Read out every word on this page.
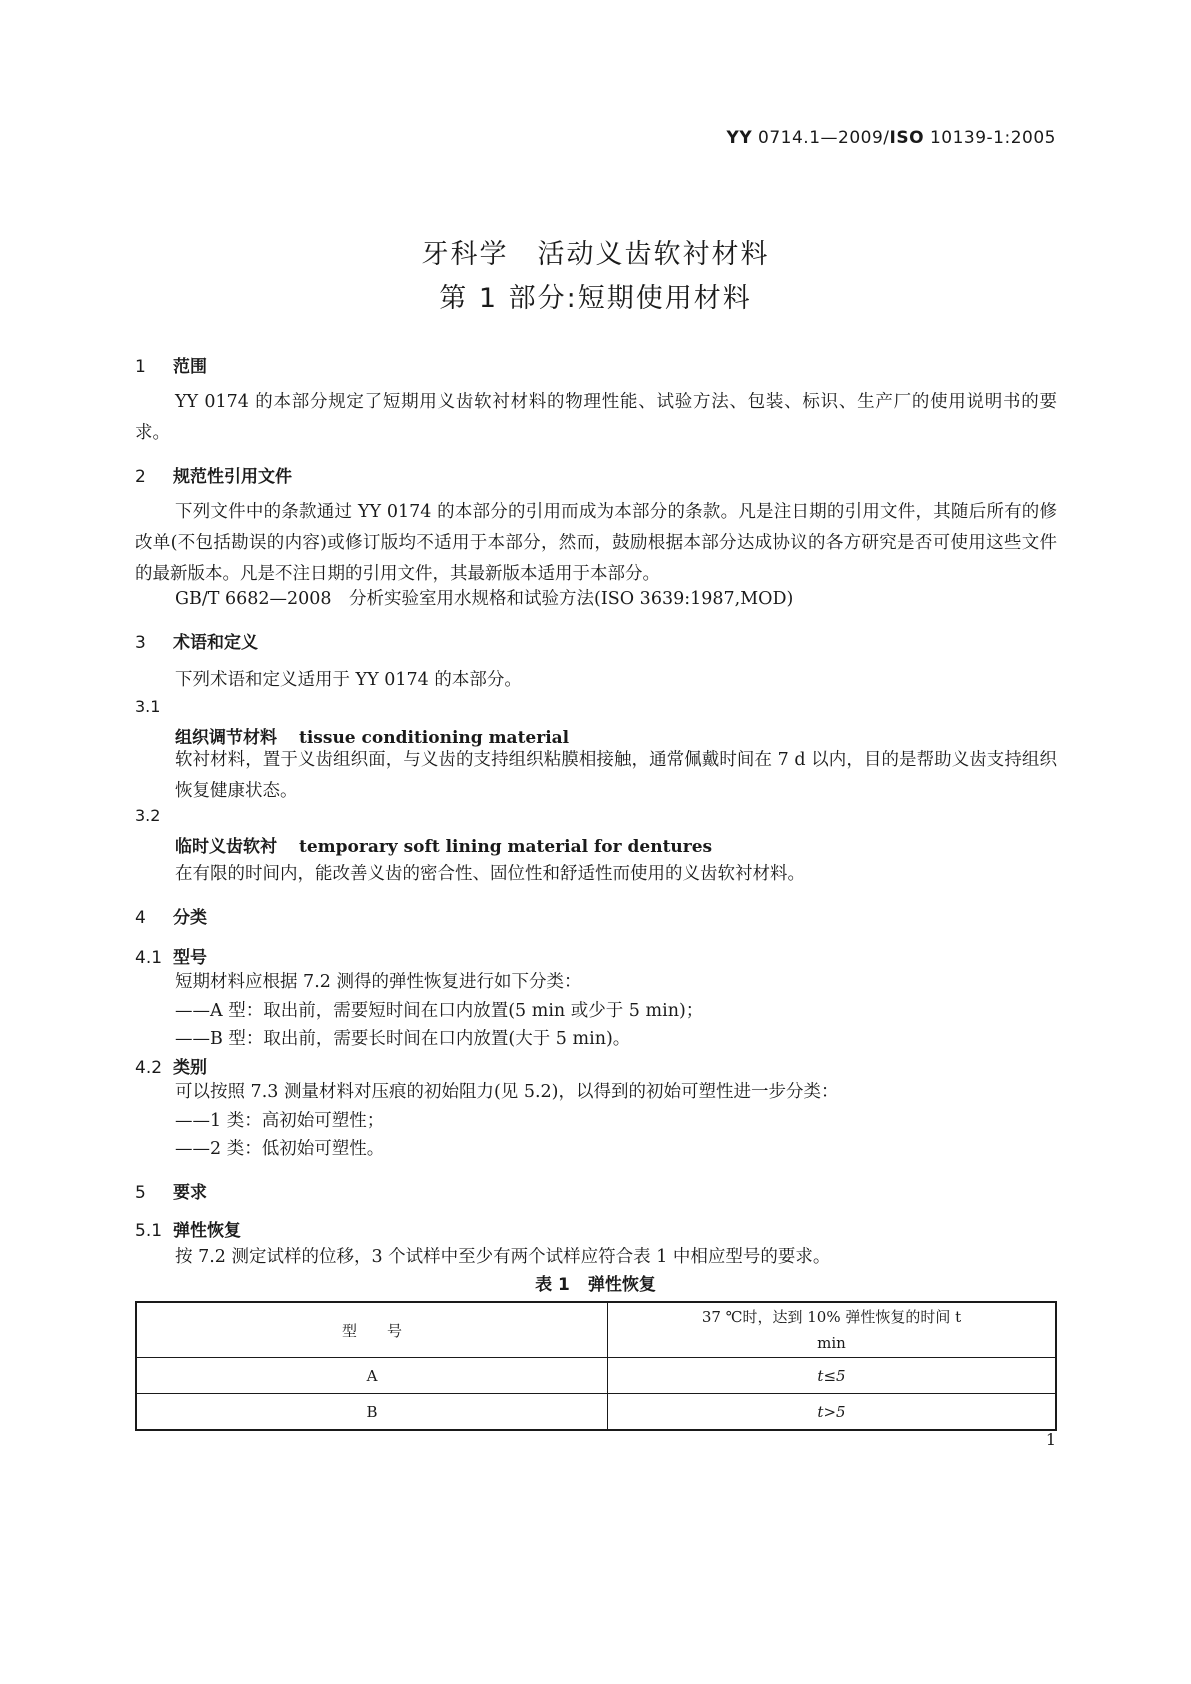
YY 0714.1—2009/ISO 10139-1:2005
牙科学　活动义齿软衬材料
第 1 部分:短期使用材料
1 范围
YY 0174 的本部分规定了短期用义齿软衬材料的物理性能、试验方法、包装、标识、生产厂的使用说明书的要求。
2 规范性引用文件
下列文件中的条款通过 YY 0174 的本部分的引用而成为本部分的条款。凡是注日期的引用文件，其随后所有的修改单(不包括勘误的内容)或修订版均不适用于本部分，然而，鼓励根据本部分达成协议的各方研究是否可使用这些文件的最新版本。凡是不注日期的引用文件，其最新版本适用于本部分。
GB/T 6682—2008　分析实验室用水规格和试验方法(ISO 3639:1987,MOD)
3 术语和定义
下列术语和定义适用于 YY 0174 的本部分。
3.1
组织调节材料 tissue conditioning material
软衬材料，置于义齿组织面，与义齿的支持组织粘膜相接触，通常佩戴时间在 7 d 以内，目的是帮助义齿支持组织恢复健康状态。
3.2
临时义齿软衬 temporary soft lining material for dentures
在有限的时间内，能改善义齿的密合性、固位性和舒适性而使用的义齿软衬材料。
4 分类
4.1 型号
短期材料应根据 7.2 测得的弹性恢复进行如下分类：
——A 型：取出前，需要短时间在口内放置(5 min 或少于 5 min)；
——B 型：取出前，需要长时间在口内放置(大于 5 min)。
4.2 类别
可以按照 7.3 测量材料对压痕的初始阻力(见 5.2)，以得到的初始可塑性进一步分类：
——1 类：高初始可塑性；
——2 类：低初始可塑性。
5 要求
5.1 弹性恢复
按 7.2 测定试样的位移，3 个试样中至少有两个试样应符合表 1 中相应型号的要求。
表 1 弹性恢复
型　　号	37 ℃时，达到 10% 弹性恢复的时间 t
min

A	t≤5
B	t>5
1
